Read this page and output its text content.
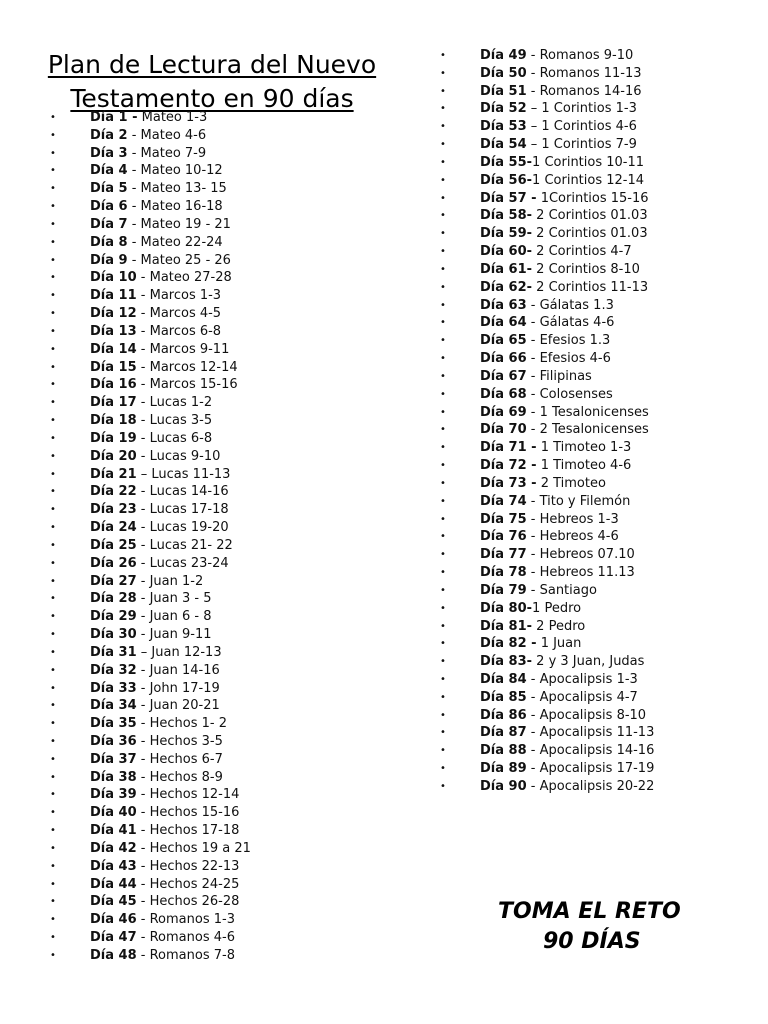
Plan de Lectura del Nuevo
Testamento en 90 días
•	Día 1 - Mateo 1-3
•	Día 2 - Mateo 4-6
•	Día 3 - Mateo 7-9
•	Día 4 - Mateo 10-12
•	Día 5 - Mateo 13- 15
•	Día 6 - Mateo 16-18
•	Día 7 - Mateo 19 - 21
•	Día 8 - Mateo 22-24
•	Día 9 - Mateo 25 - 26
•	Día 10 - Mateo 27-28
•	Día 11 - Marcos 1-3
•	Día 12 - Marcos 4-5
•	Día 13 - Marcos 6-8
•	Día 14 - Marcos 9-11
•	Día 15 - Marcos 12-14
•	Día 16 - Marcos 15-16
•	Día 17 - Lucas 1-2
•	Día 18 - Lucas 3-5
•	Día 19 - Lucas 6-8
•	Día 20 - Lucas 9-10
•	Día 21 – Lucas 11-13
•	Día 22 - Lucas 14-16
•	Día 23 - Lucas 17-18
•	Día 24 - Lucas 19-20
•	Día 25 - Lucas 21- 22
•	Día 26 - Lucas 23-24
•	Día 27 - Juan 1-2
•	Día 28 - Juan 3 - 5
•	Día 29 - Juan 6 - 8
•	Día 30 - Juan 9-11
•	Día 31 – Juan 12-13
•	Día 32 - Juan 14-16
•	Día 33 - John 17-19
•	Día 34 - Juan 20-21
•	Día 35 - Hechos 1- 2
•	Día 36 - Hechos 3-5
•	Día 37 - Hechos 6-7
•	Día 38 - Hechos 8-9
•	Día 39 - Hechos 12-14
•	Día 40 - Hechos 15-16
•	Día 41 - Hechos 17-18
•	Día 42 - Hechos 19 a 21
•	Día 43 - Hechos 22-13
•	Día 44 - Hechos 24-25
•	Día 45 - Hechos 26-28
•	Día 46 - Romanos 1-3
•	Día 47 - Romanos 4-6
•	Día 48 - Romanos 7-8
•	Día 49 - Romanos 9-10
•	Día 50 - Romanos 11-13
•	Día 51 - Romanos 14-16
•	Día 52 – 1 Corintios 1-3
•	Día 53 – 1 Corintios 4-6
•	Día 54 – 1 Corintios 7-9
•	Día 55-1 Corintios 10-11
•	Día 56-1 Corintios 12-14
•	Día 57 - 1Corintios 15-16
•	Día 58- 2 Corintios 01.03
•	Día 59- 2 Corintios 01.03
•	Día 60- 2 Corintios 4-7
•	Día 61- 2 Corintios 8-10
•	Día 62- 2 Corintios 11-13
•	Día 63 - Gálatas 1.3
•	Día 64 - Gálatas 4-6
•	Día 65 - Efesios 1.3
•	Día 66 - Efesios 4-6
•	Día 67 - Filipinas
•	Día 68 - Colosenses
•	Día 69 - 1 Tesalonicenses
•	Día 70 - 2 Tesalonicenses
•	Día 71 - 1 Timoteo 1-3
•	Día 72 - 1 Timoteo 4-6
•	Día 73 - 2 Timoteo
•	Día 74 - Tito y Filemón
•	Día 75 - Hebreos 1-3
•	Día 76 - Hebreos 4-6
•	Día 77 - Hebreos 07.10
•	Día 78 - Hebreos 11.13
•	Día 79 - Santiago
•	Día 80-1 Pedro
•	Día 81- 2 Pedro
•	Día 82 - 1 Juan
•	Día 83- 2 y 3 Juan, Judas
•	Día 84 - Apocalipsis 1-3
•	Día 85 - Apocalipsis 4-7
•	Día 86 - Apocalipsis 8-10
•	Día 87 - Apocalipsis 11-13
•	Día 88 - Apocalipsis 14-16
•	Día 89 - Apocalipsis 17-19
•	Día 90 - Apocalipsis 20-22
TOMA EL RETO
90 DÍAS
